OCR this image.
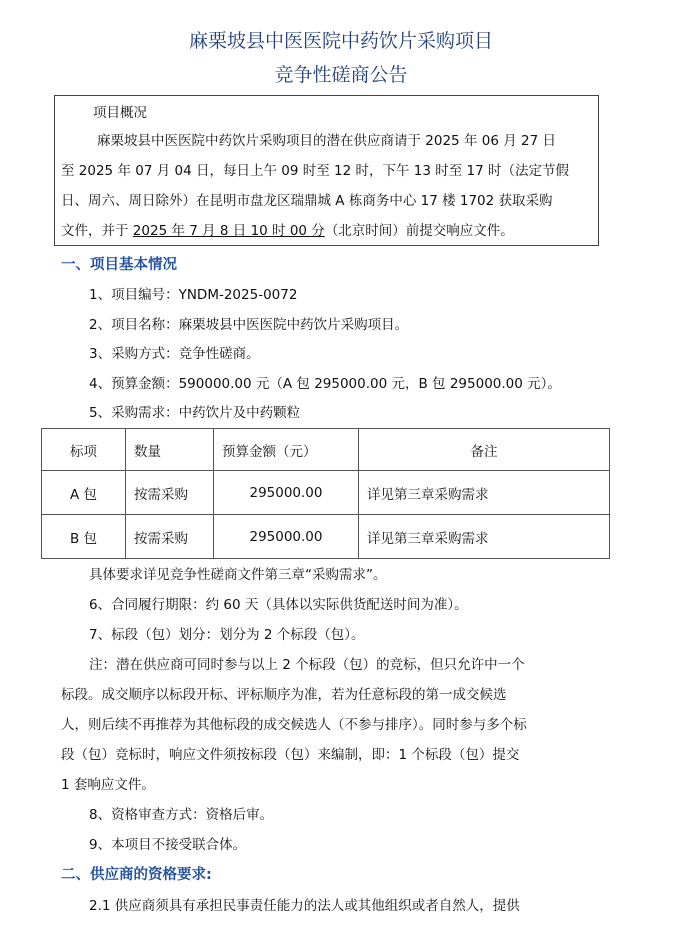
麻栗坡县中医医院中药饮片采购项目
竞争性磋商公告
项目概况
麻栗坡县中医医院中药饮片采购项目的潜在供应商请于 2025 年 06 月 27 日
至 2025 年 07 月 04 日，每日上午 09 时至 12 时，下午 13 时至 17 时（法定节假
日、周六、周日除外）在昆明市盘龙区瑞鼎城 A 栋商务中心 17 楼 1702 获取采购
文件，并于 2025 年 7 月 8 日 10 时 00 分（北京时间）前提交响应文件。
一、项目基本情况
1、项目编号：YNDM-2025-0072
2、项目名称：麻栗坡县中医医院中药饮片采购项目。
3、采购方式：竞争性磋商。
4、预算金额：590000.00 元（A 包 295000.00 元，B 包 295000.00 元）。
5、采购需求：中药饮片及中药颗粒
标项	数量	预算金额（元）	备注
A 包	按需采购	295000.00	详见第三章采购需求
B 包	按需采购	295000.00	详见第三章采购需求
具体要求详见竞争性磋商文件第三章“采购需求”。
6、合同履行期限：约 60 天（具体以实际供货配送时间为准）。
7、标段（包）划分：划分为 2 个标段（包）。
注：潜在供应商可同时参与以上 2 个标段（包）的竞标，但只允许中一个
标段。成交顺序以标段开标、评标顺序为准，若为任意标段的第一成交候选
人，则后续不再推荐为其他标段的成交候选人（不参与排序）。同时参与多个标
段（包）竞标时，响应文件须按标段（包）来编制，即：1 个标段（包）提交
1 套响应文件。
8、资格审查方式：资格后审。
9、本项目不接受联合体。
二、供应商的资格要求:
2.1 供应商须具有承担民事责任能力的法人或其他组织或者自然人，提供
